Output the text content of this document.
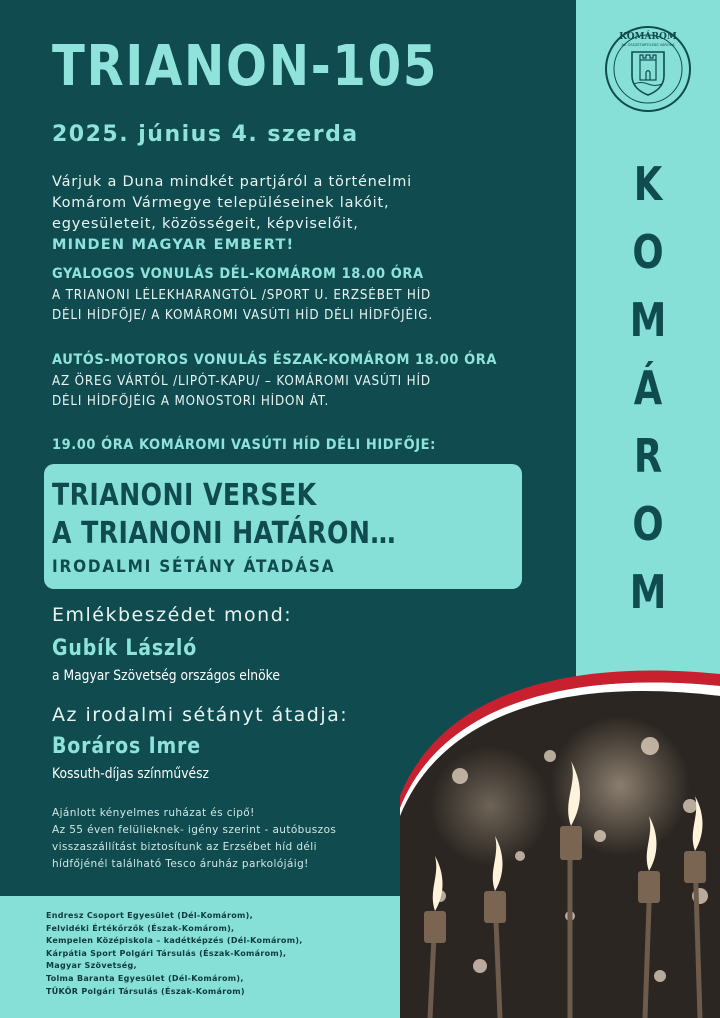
TRIANON-105
2025. június 4. szerda
Várjuk a Duna mindkét partjáról a történelmi
Komárom Vármegye településeinek lakóit,
egyesületeit, közösségeit, képviselőit,
MINDEN MAGYAR EMBERT!
GYALOGOS VONULÁS DÉL-KOMÁROM 18.00 ÓRA
A TRIANONI LÉLEKHARANGTÓL /SPORT U. ERZSÉBET HÍD
DÉLI HÍDFŐJE/ A KOMÁROMI VASÚTI HÍD DÉLI HÍDFŐJÉIG.
AUTÓS-MOTOROS VONULÁS ÉSZAK-KOMÁROM 18.00 ÓRA
AZ ÖREG VÁRTÓL /LIPÓT-KAPU/ – KOMÁROMI VASÚTI HÍD
DÉLI HÍDFŐJÉIG A MONOSTORI HÍDON ÁT.
19.00 ÓRA KOMÁROMI VASÚTI HÍD DÉLI HIDFŐJE:
TRIANONI VERSEK
A TRIANONI HATÁRON…
IRODALMI SÉTÁNY ÁTADÁSA
Emlékbeszédet mond:
Gubík László
a Magyar Szövetség országos elnöke
Az irodalmi sétányt átadja:
Boráros Imre
Kossuth-díjas színművész
Ajánlott kényelmes ruházat és cipő!
Az 55 éven felülieknek- igény szerint - autóbuszos
visszaszállítást biztosítunk az Erzsébet híd déli
hídfőjénél található Tesco áruház parkolójáig!
Endresz Csoport Egyesület (Dél-Komárom),
Felvidéki Értékőrzők (Észak-Komárom),
Kempelen Középiskola – kadétképzés (Dél-Komárom),
Kárpátia Sport Polgári Társulás (Észak-Komárom),
Magyar Szövetség,
Tolma Baranta Egyesület (Dél-Komárom),
TÜKÖR Polgári Társulás (Észak-Komárom)
KOMÁROM
AZ ÖSSZETARTOZÁS VÁROSA
K
O
M
Á
R
O
M
